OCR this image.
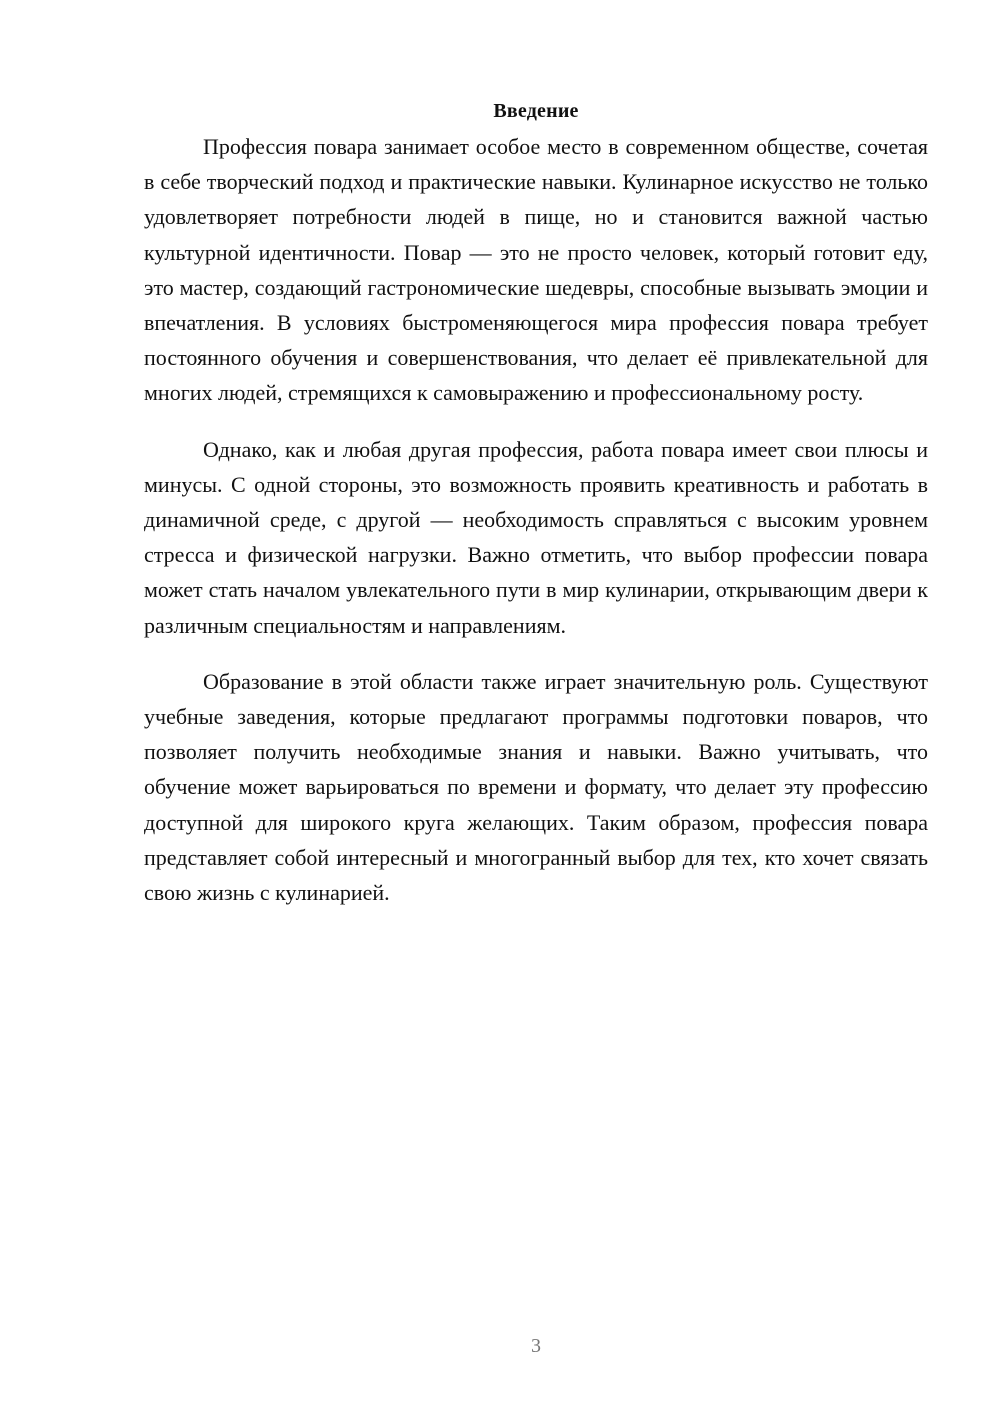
Введение

Профессия повара занимает особое место в современном обществе, сочетая в себе творческий подход и практические навыки. Кулинарное искусство не только удовлетворяет потребности людей в пище, но и становится важной частью культурной идентичности. Повар — это не просто человек, который готовит еду, это мастер, создающий гастрономические шедевры, способные вызывать эмоции и впечатления. В условиях быстроменяющегося мира профессия повара требует постоянного обучения и совершенствования, что делает её привлекательной для многих людей, стремящихся к самовыражению и профессиональному росту.

Однако, как и любая другая профессия, работа повара имеет свои плюсы и минусы. С одной стороны, это возможность проявить креативность и работать в динамичной среде, с другой — необходимость справляться с высоким уровнем стресса и физической нагрузки. Важно отметить, что выбор профессии повара может стать началом увлекательного пути в мир кулинарии, открывающим двери к различным специальностям и направлениям.

Образование в этой области также играет значительную роль. Существуют учебные заведения, которые предлагают программы подготовки поваров, что позволяет получить необходимые знания и навыки. Важно учитывать, что обучение может варьироваться по времени и формату, что делает эту профессию доступной для широкого круга желающих. Таким образом, профессия повара представляет собой интересный и многогранный выбор для тех, кто хочет связать свою жизнь с кулинарией.

3
